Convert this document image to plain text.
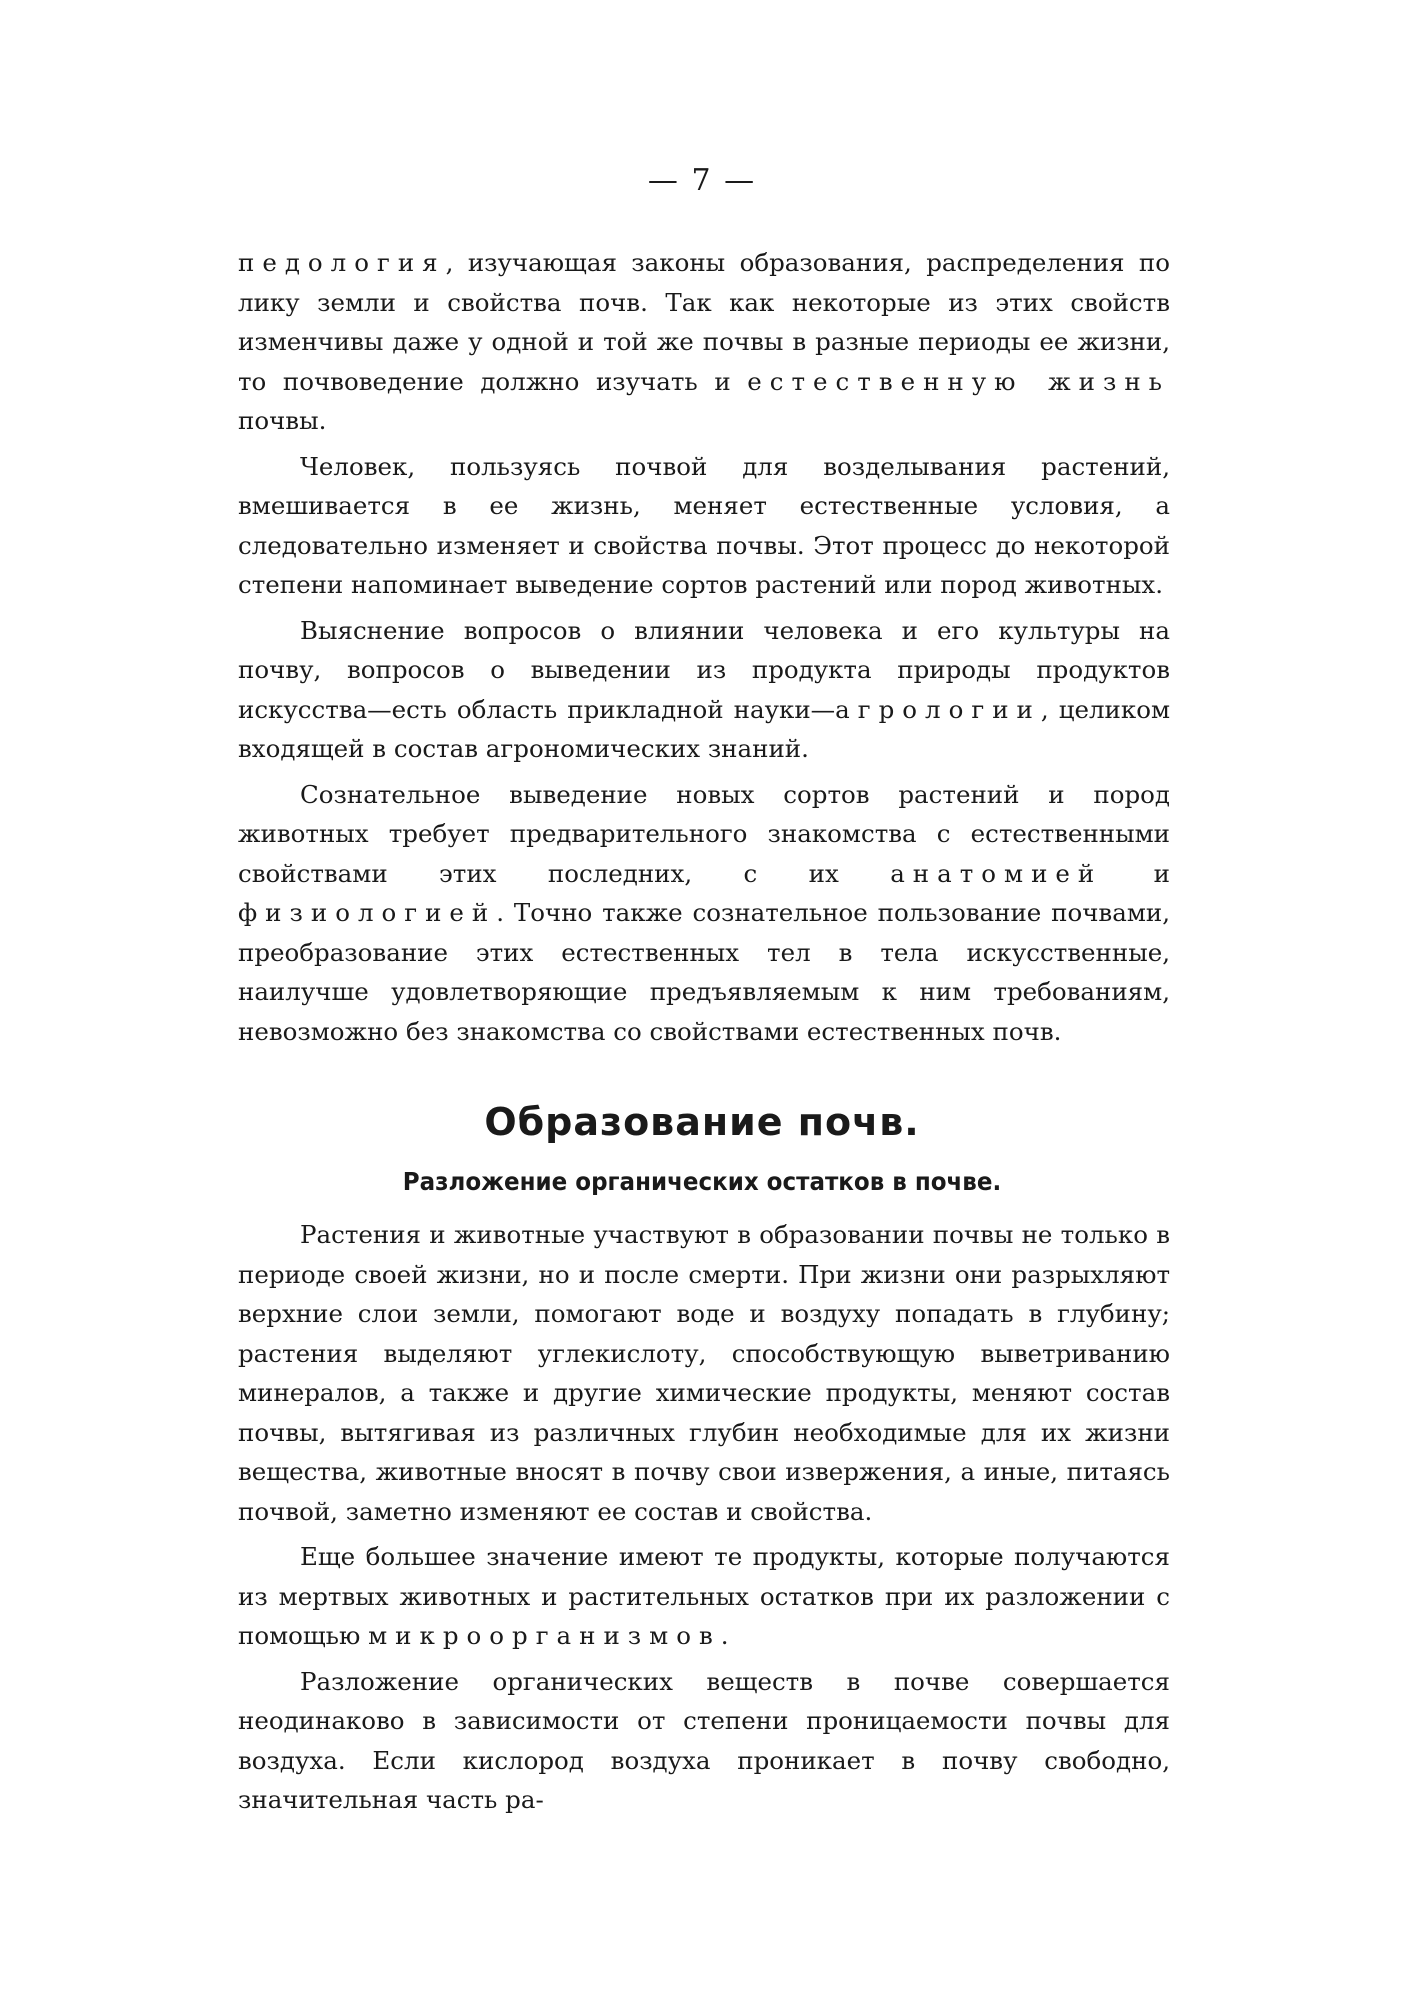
— 7 —

педология, изучающая законы образования, распределения по лику земли и свойства почв. Так как некоторые из этих свойств изменчивы даже у одной и той же почвы в разные периоды ее жизни, то почвоведение должно изучать и естественную жизнь почвы.

Человек, пользуясь почвой для возделывания растений, вмешивается в ее жизнь, меняет естественные условия, а следовательно изменяет и свойства почвы. Этот процесс до некоторой степени напоминает выведение сортов растений или пород животных.

Выяснение вопросов о влиянии человека и его культуры на почву, вопросов о выведении из продукта природы продуктов искусства—есть область прикладной науки—агрологии, целиком входящей в состав агрономических знаний.

Сознательное выведение новых сортов растений и пород животных требует предварительного знакомства с естественными свойствами этих последних, с их анатомией и физиологией. Точно также сознательное пользование почвами, преобразование этих естественных тел в тела искусственные, наилучше удовлетворяющие предъявляемым к ним требованиям, невозможно без знакомства со свойствами естественных почв.

Образование почв.
Разложение органических остатков в почве.

Растения и животные участвуют в образовании почвы не только в периоде своей жизни, но и после смерти. При жизни они разрыхляют верхние слои земли, помогают воде и воздуху попадать в глубину; растения выделяют углекислоту, способствующую выветриванию минералов, а также и другие химические продукты, меняют состав почвы, вытягивая из различных глубин необходимые для их жизни вещества, животные вносят в почву свои извержения, а иные, питаясь почвой, заметно изменяют ее состав и свойства.

Еще большее значение имеют те продукты, которые получаются из мертвых животных и растительных остатков при их разложении с помощью микроорганизмов.

Разложение органических веществ в почве совершается неодинаково в зависимости от степени проницаемости почвы для воздуха. Если кислород воздуха проникает в почву свободно, значительная часть ра-
